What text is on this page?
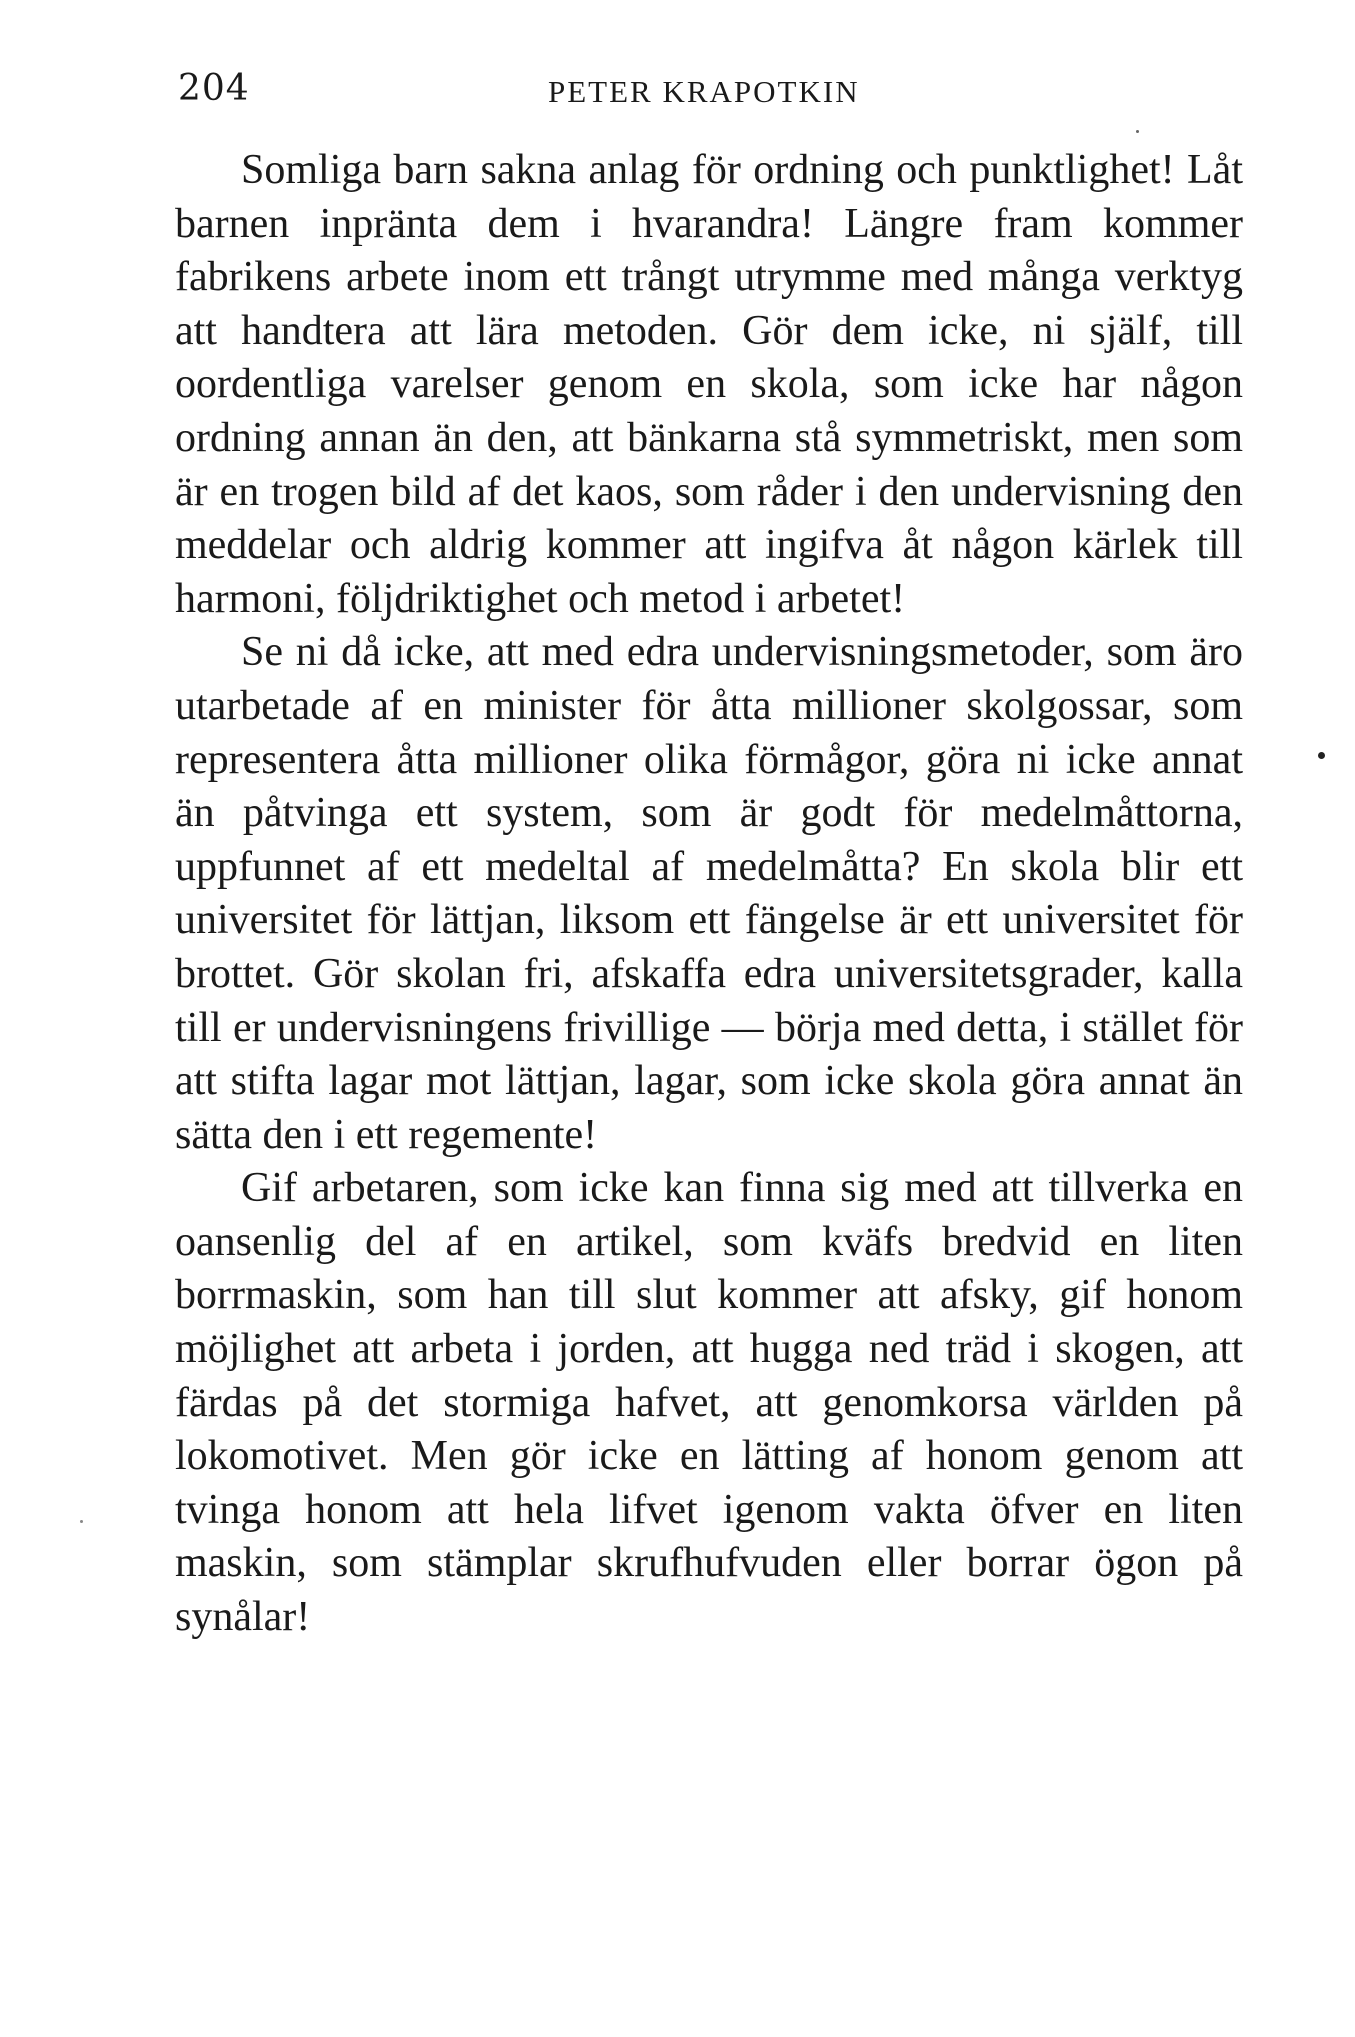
204	PETER KRAPOTKIN

Somliga barn sakna anlag för ordning och punktlighet! Låt barnen inpränta dem i hvarandra! Längre fram kommer fabrikens arbete inom ett trångt utrymme med många verktyg att handtera att lära metoden. Gör dem icke, ni själf, till oordentliga varelser genom en skola, som icke har någon ordning annan än den, att bänkarna stå symmetriskt, men som är en trogen bild af det kaos, som råder i den undervisning den meddelar och aldrig kommer att ingifva åt någon kärlek till harmoni, följdriktighet och metod i arbetet!

Se ni då icke, att med edra undervisningsmetoder, som äro utarbetade af en minister för åtta millioner skolgossar, som representera åtta millioner olika förmågor, göra ni icke annat än påtvinga ett system, som är godt för medelmåttorna, uppfunnet af ett medeltal af medelmåtta? En skola blir ett universitet för lättjan, liksom ett fängelse är ett universitet för brottet. Gör skolan fri, afskaffa edra universitetsgrader, kalla till er undervisningens frivillige — börja med detta, i stället för att stifta lagar mot lättjan, lagar, som icke skola göra annat än sätta den i ett regemente!

Gif arbetaren, som icke kan finna sig med att tillverka en oansenlig del af en artikel, som kväfs bredvid en liten borrmaskin, som han till slut kommer att afsky, gif honom möjlighet att arbeta i jorden, att hugga ned träd i skogen, att färdas på det stormiga hafvet, att genomkorsa världen på lokomotivet. Men gör icke en lätting af honom genom att tvinga honom att hela lifvet igenom vakta öfver en liten maskin, som stämplar skrufhufvuden eller borrar ögon på synålar!
